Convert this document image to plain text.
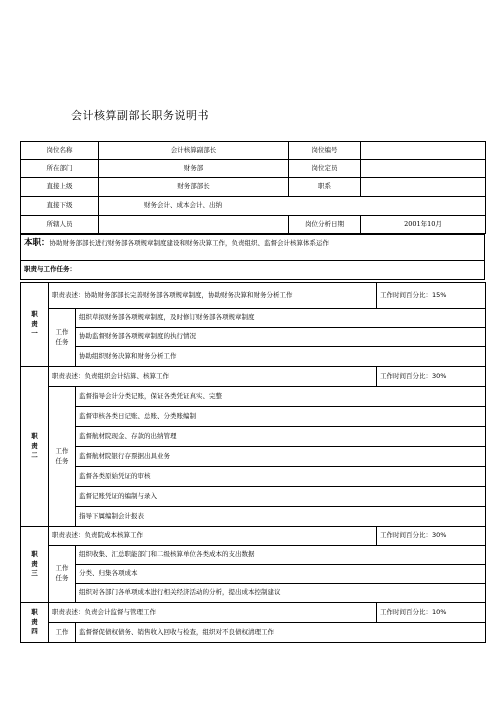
会计核算副部长职务说明书
岗位名称	会计核算副部长	岗位编号	
所在部门	财务部	岗位定员	
直接上级	财务部部长	职系	
直接下级	财务会计、成本会计、出纳		
所辖人员		岗位分析日期	2001年10月
本职：协助财务部部长进行财务部各项规章制度建设和财务决算工作，负责组织、监督会计核算体系运作
职责与工作任务：
职责一	职责表述：协助财务部部长完善财务部各项规章制度，协助财务决算和财务分析工作		工作时间百分比：15%
	工作任务	组织草拟财务部各项规章制度，及时修订财务部各项规章制度	
		协助监督财务部各项规章制度的执行情况	
		协助组织财务决算和财务分析工作	
职责二	职责表述：负责组织会计结算、核算工作		工作时间百分比：30%
	工作任务	监督指导会计分类记账，保证各类凭证真实、完整	
		监督审核各类日记账、总账、分类账编制	
		监督航材院现金、存款的出纳管理	
		监督航材院银行存票据出具业务	
		监督各类原始凭证的审核	
		监督记账凭证的编制与录入	
		指导下属编制会计报表	
职责三	职责表述：负责院成本核算工作		工作时间百分比：30%
	工作任务	组织收集、汇总职能部门和二级核算单位各类成本的支出数据	
		分类、归集各项成本	
		组织对各部门各单项成本进行相关经济活动的分析，提出成本控制建议	
职责四	职责表述：负责会计监督与管理工作		工作时间百分比：10%
	工作	监督督促债权债务、销售收入回收与检查，组织对不良债权清理工作	
